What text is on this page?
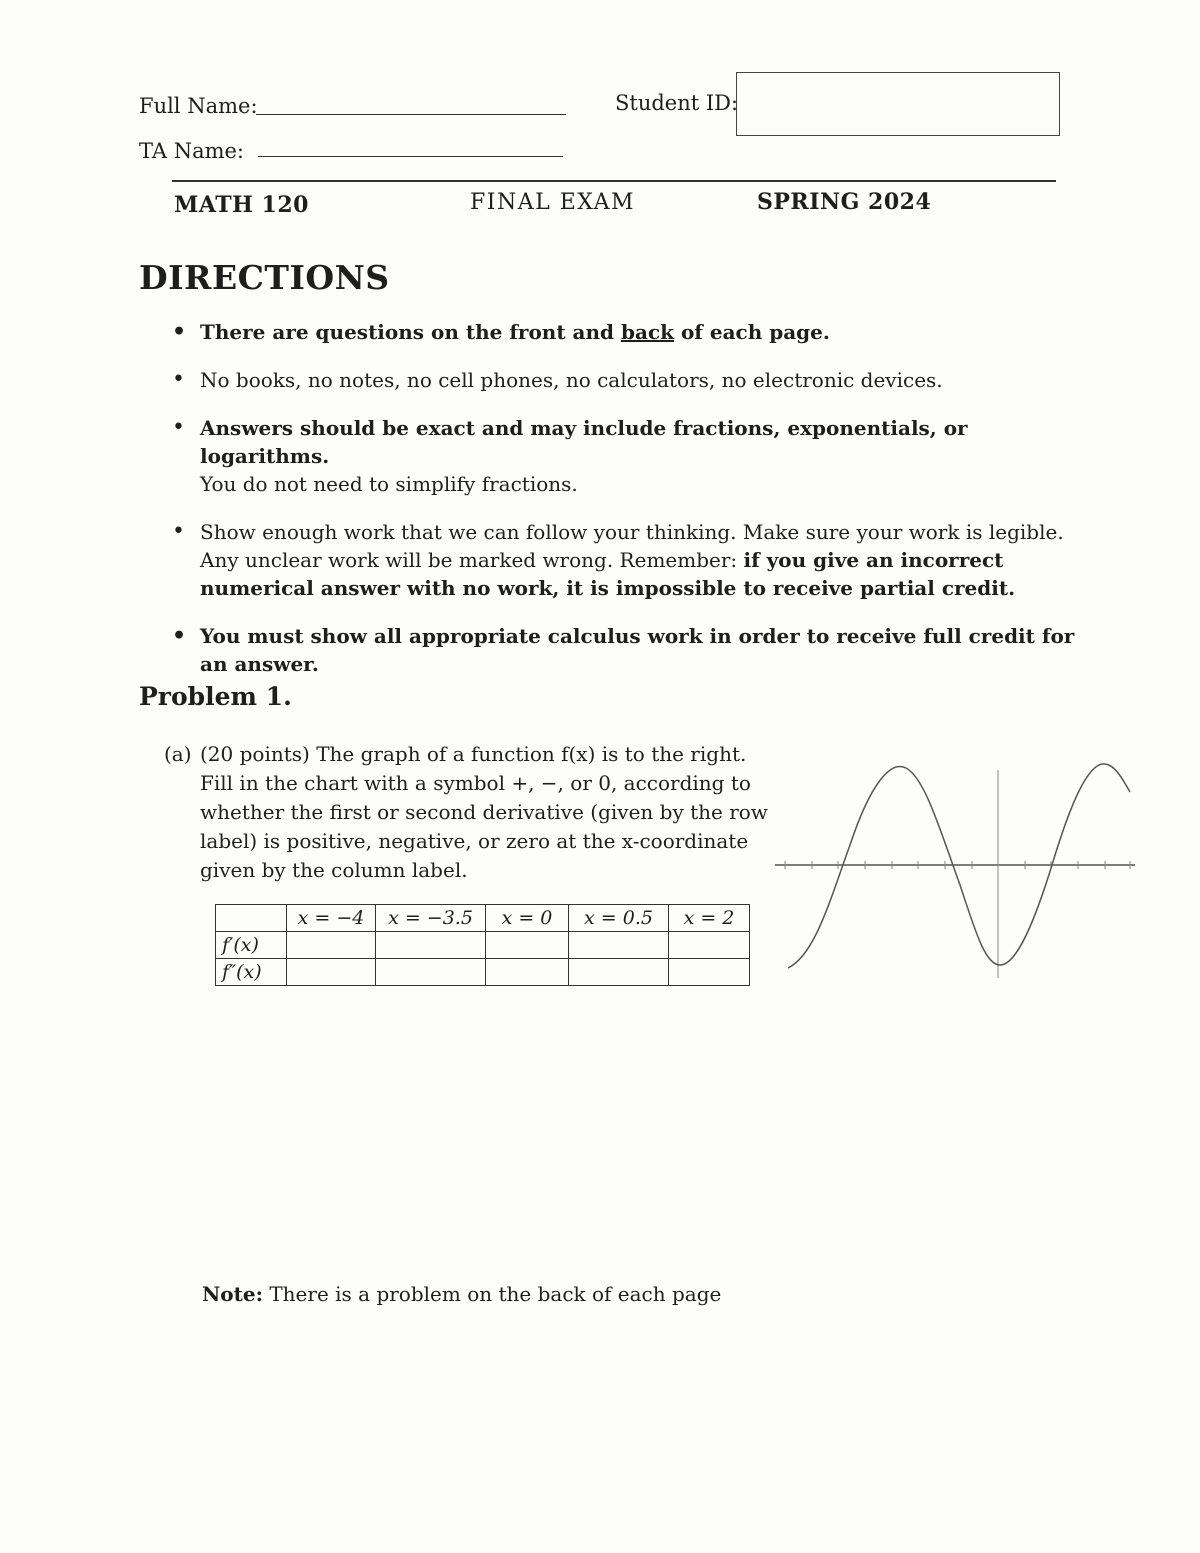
Full Name:	Student ID:
TA Name:
MATH 120	FINAL EXAM	SPRING 2024
DIRECTIONS
• There are questions on the front and back of each page.
• No books, no notes, no cell phones, no calculators, no electronic devices.
• Answers should be exact and may include fractions, exponentials, or logarithms.
You do not need to simplify fractions.
• Show enough work that we can follow your thinking. Make sure your work is legible. Any unclear work will be marked wrong. Remember: if you give an incorrect numerical answer with no work, it is impossible to receive partial credit.
• You must show all appropriate calculus work in order to receive full credit for an answer.
Problem 1.
(a) (20 points) The graph of a function f(x) is to the right. Fill in the chart with a symbol +, −, or 0, according to whether the first or second derivative (given by the row label) is positive, negative, or zero at the x-coordinate given by the column label.
	x = −4	x = −3.5	x = 0	x = 0.5	x = 2
f′(x)					
f″(x)					
Note: There is a problem on the back of each page
